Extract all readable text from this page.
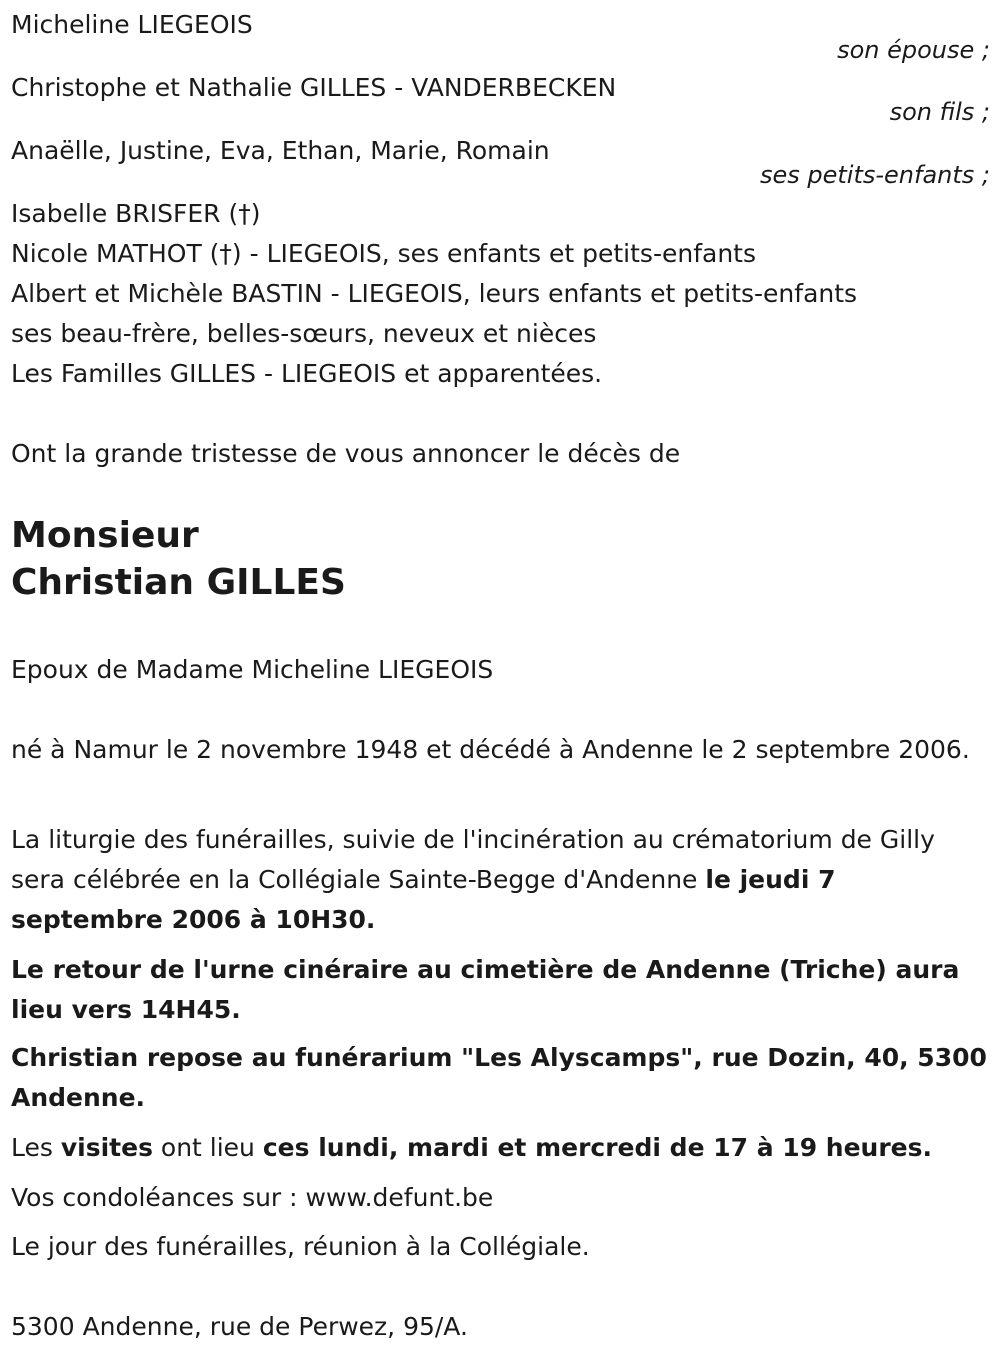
Micheline LIEGEOIS
son épouse ;
Christophe et Nathalie GILLES - VANDERBECKEN
son fils ;
Anaëlle, Justine, Eva, Ethan, Marie, Romain
ses petits-enfants ;
Isabelle BRISFER (†)
Nicole MATHOT (†) - LIEGEOIS, ses enfants et petits-enfants
Albert et Michèle BASTIN - LIEGEOIS, leurs enfants et petits-enfants
ses beau-frère, belles-sœurs, neveux et nièces
Les Familles GILLES - LIEGEOIS et apparentées.
Ont la grande tristesse de vous annoncer le décès de
Monsieur
Christian GILLES
Epoux de Madame Micheline LIEGEOIS
né à Namur le 2 novembre 1948 et décédé à Andenne le 2 septembre 2006.
La liturgie des funérailles, suivie de l'incinération au crématorium de Gilly sera célébrée en la Collégiale Sainte-Begge d'Andenne le jeudi 7 septembre 2006 à 10H30.
Le retour de l'urne cinéraire au cimetière de Andenne (Triche) aura lieu vers 14H45.
Christian repose au funérarium "Les Alyscamps", rue Dozin, 40, 5300 Andenne.
Les visites ont lieu ces lundi, mardi et mercredi de 17 à 19 heures.
Vos condoléances sur : www.defunt.be
Le jour des funérailles, réunion à la Collégiale.
5300 Andenne, rue de Perwez, 95/A.
